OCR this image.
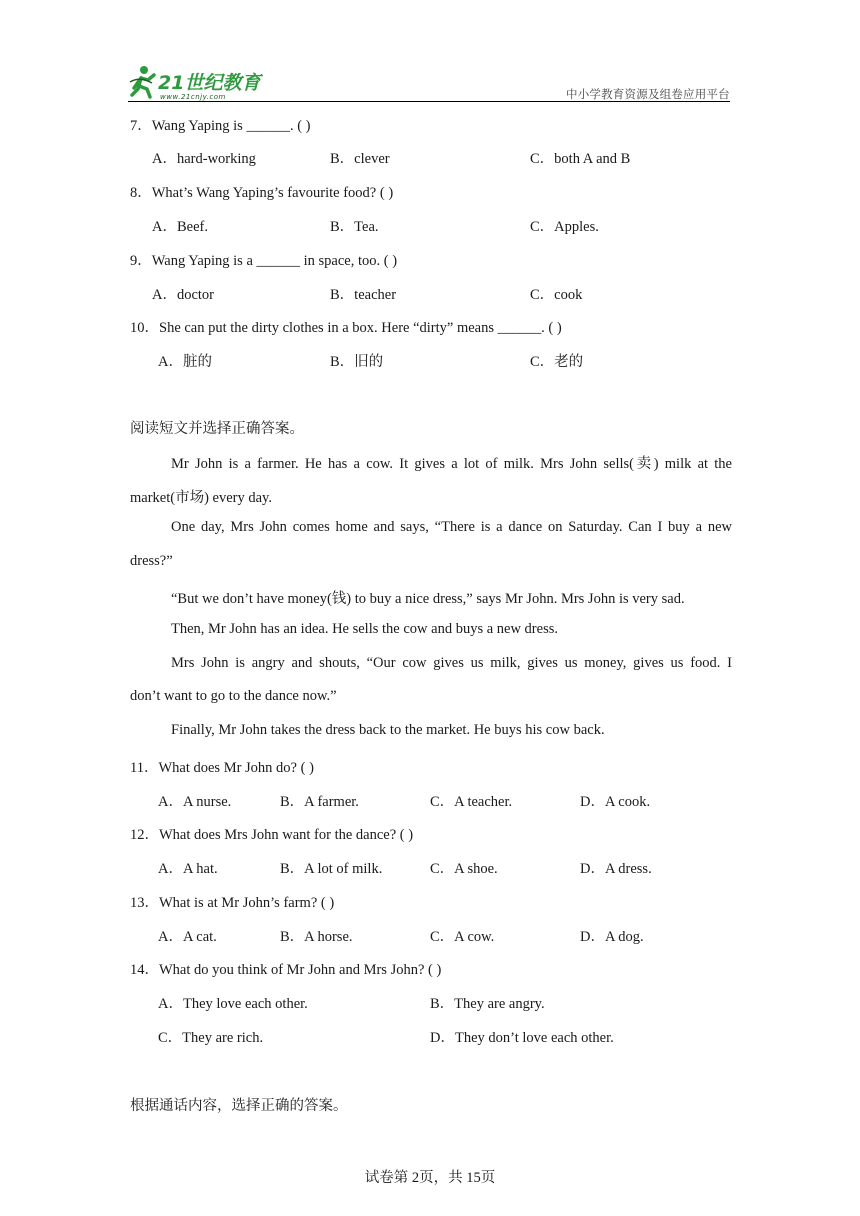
21世纪教育
www.21cnjy.com	中小学教育资源及组卷应用平台
7．Wang Yaping is ______. ( )
A．hard-working	B．clever	C．both A and B
8．What’s Wang Yaping’s favourite food? ( )
A．Beef.	B．Tea.	C．Apples.
9．Wang Yaping is a ______ in space, too. ( )
A．doctor	B．teacher	C．cook
10．She can put the dirty clothes in a box. Here “dirty” means ______. ( )
A．脏的	B．旧的	C．老的
阅读短文并选择正确答案。
Mr John is a farmer. He has a cow. It gives a lot of milk. Mrs John sells(卖) milk at the
market(市场) every day.
One day, Mrs John comes home and says, “There is a dance on Saturday. Can I buy a new
dress?”
“But we don’t have money(钱) to buy a nice dress,” says Mr John. Mrs John is very sad.
Then, Mr John has an idea. He sells the cow and buys a new dress.
Mrs John is angry and shouts, “Our cow gives us milk, gives us money, gives us food. I
don’t want to go to the dance now.”
Finally, Mr John takes the dress back to the market. He buys his cow back.
11．What does Mr John do? ( )
A．A nurse.	B．A farmer.	C．A teacher.	D．A cook.
12．What does Mrs John want for the dance? ( )
A．A hat.	B．A lot of milk.	C．A shoe.	D．A dress.
13．What is at Mr John’s farm? ( )
A．A cat.	B．A horse.	C．A cow.	D．A dog.
14．What do you think of Mr John and Mrs John? ( )
A．They love each other.	B．They are angry.
C．They are rich.	D．They don’t love each other.
根据通话内容，选择正确的答案。
试卷第 2页，共 15页
